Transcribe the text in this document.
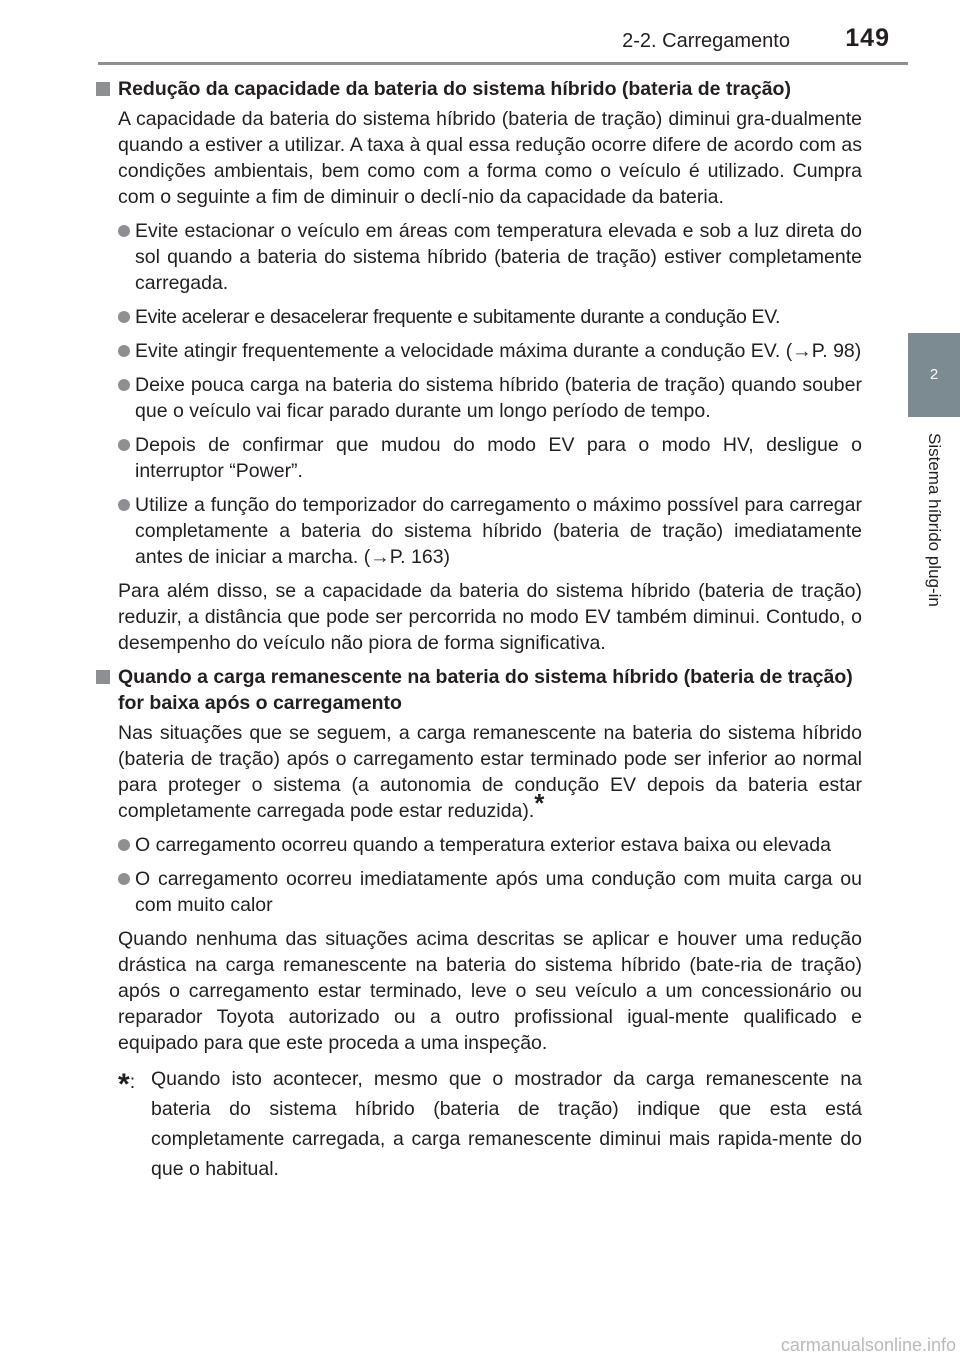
2-2. Carregamento 149
2
Sistema híbrido plug-in
Redução da capacidade da bateria do sistema híbrido (bateria de tração)
A capacidade da bateria do sistema híbrido (bateria de tração) diminui gra-dualmente quando a estiver a utilizar. A taxa à qual essa redução ocorre difere de acordo com as condições ambientais, bem como com a forma como o veículo é utilizado. Cumpra com o seguinte a fim de diminuir o declí-nio da capacidade da bateria.
Evite estacionar o veículo em áreas com temperatura elevada e sob a luz direta do sol quando a bateria do sistema híbrido (bateria de tração) estiver completamente carregada.
Evite acelerar e desacelerar frequente e subitamente durante a condução EV.
Evite atingir frequentemente a velocidade máxima durante a condução EV. (→P. 98)
Deixe pouca carga na bateria do sistema híbrido (bateria de tração) quando souber que o veículo vai ficar parado durante um longo período de tempo.
Depois de confirmar que mudou do modo EV para o modo HV, desligue o interruptor “Power”.
Utilize a função do temporizador do carregamento o máximo possível para carregar completamente a bateria do sistema híbrido (bateria de tração) imediatamente antes de iniciar a marcha. (→P. 163)
Para além disso, se a capacidade da bateria do sistema híbrido (bateria de tração) reduzir, a distância que pode ser percorrida no modo EV também diminui. Contudo, o desempenho do veículo não piora de forma significativa.
Quando a carga remanescente na bateria do sistema híbrido (bateria de tração) for baixa após o carregamento
Nas situações que se seguem, a carga remanescente na bateria do sistema híbrido (bateria de tração) após o carregamento estar terminado pode ser inferior ao normal para proteger o sistema (a autonomia de condução EV depois da bateria estar completamente carregada pode estar reduzida).*
O carregamento ocorreu quando a temperatura exterior estava baixa ou elevada
O carregamento ocorreu imediatamente após uma condução com muita carga ou com muito calor
Quando nenhuma das situações acima descritas se aplicar e houver uma redução drástica na carga remanescente na bateria do sistema híbrido (bate-ria de tração) após o carregamento estar terminado, leve o seu veículo a um concessionário ou reparador Toyota autorizado ou a outro profissional igual-mente qualificado e equipado para que este proceda a uma inspeção.
*: Quando isto acontecer, mesmo que o mostrador da carga remanescente na bateria do sistema híbrido (bateria de tração) indique que esta está completamente carregada, a carga remanescente diminui mais rapida-mente do que o habitual.
carmanualsonline.info
